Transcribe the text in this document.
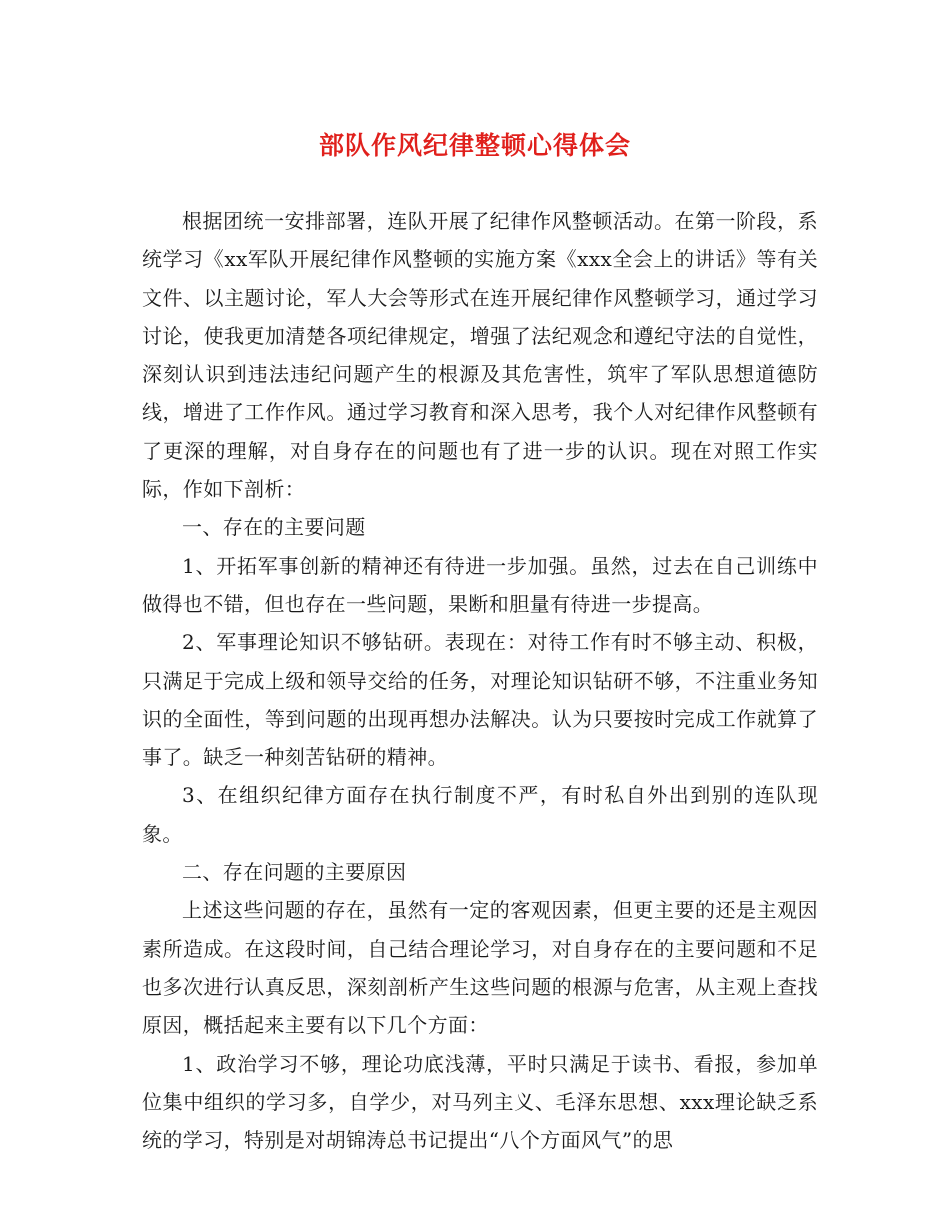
部队作风纪律整顿心得体会

根据团统一安排部署，连队开展了纪律作风整顿活动。在第一阶段，系统学习《xx军队开展纪律作风整顿的实施方案《xxx全会上的讲话》等有关文件、以主题讨论，军人大会等形式在连开展纪律作风整顿学习，通过学习讨论，使我更加清楚各项纪律规定，增强了法纪观念和遵纪守法的自觉性，深刻认识到违法违纪问题产生的根源及其危害性，筑牢了军队思想道德防线，增进了工作作风。通过学习教育和深入思考，我个人对纪律作风整顿有了更深的理解，对自身存在的问题也有了进一步的认识。现在对照工作实际，作如下剖析：

一、存在的主要问题

1、开拓军事创新的精神还有待进一步加强。虽然，过去在自己训练中做得也不错，但也存在一些问题，果断和胆量有待进一步提高。

2、军事理论知识不够钻研。表现在：对待工作有时不够主动、积极，只满足于完成上级和领导交给的任务，对理论知识钻研不够，不注重业务知识的全面性，等到问题的出现再想办法解决。认为只要按时完成工作就算了事了。缺乏一种刻苦钻研的精神。

3、在组织纪律方面存在执行制度不严，有时私自外出到别的连队现象。

二、存在问题的主要原因

上述这些问题的存在，虽然有一定的客观因素，但更主要的还是主观因素所造成。在这段时间，自己结合理论学习，对自身存在的主要问题和不足也多次进行认真反思，深刻剖析产生这些问题的根源与危害，从主观上查找原因，概括起来主要有以下几个方面：

1、政治学习不够，理论功底浅薄，平时只满足于读书、看报，参加单位集中组织的学习多，自学少，对马列主义、毛泽东思想、xxx理论缺乏系统的学习，特别是对胡锦涛总书记提出“八个方面风气”的思
